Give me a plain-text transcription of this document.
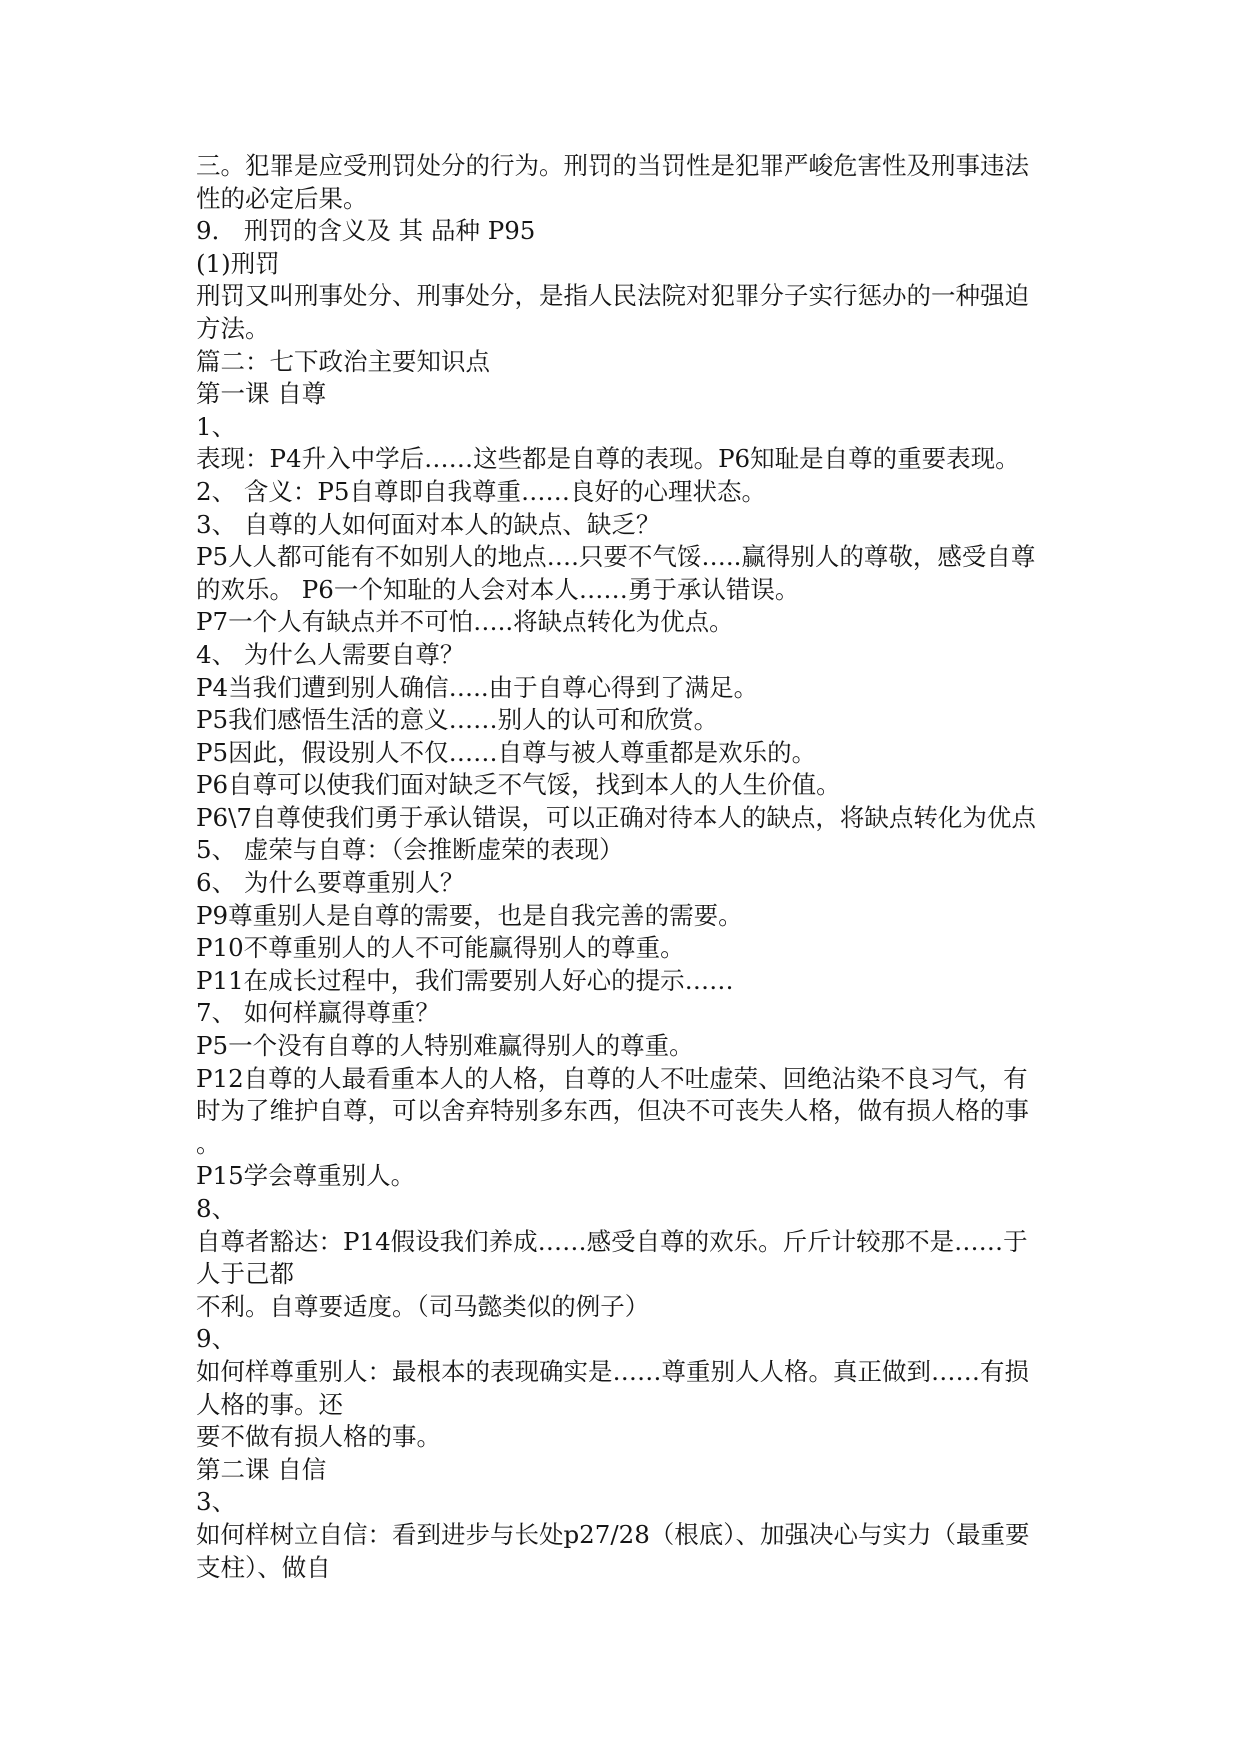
三。犯罪是应受刑罚处分的行为。刑罚的当罚性是犯罪严峻危害性及刑事违法
性的必定后果。
9． 刑罚的含义及 其 品种 P95
(1)刑罚
刑罚又叫刑事处分、刑事处分，是指人民法院对犯罪分子实行惩办的一种强迫
方法。
篇二：七下政治主要知识点
第一课 自尊
1、
表现：P4升入中学后……这些都是自尊的表现。P6知耻是自尊的重要表现。
2、 含义：P5自尊即自我尊重……良好的心理状态。
3、 自尊的人如何面对本人的缺点、缺乏？
P5人人都可能有不如别人的地点….只要不气馁…..赢得别人的尊敬，感受自尊
的欢乐。 P6一个知耻的人会对本人……勇于承认错误。
P7一个人有缺点并不可怕…..将缺点转化为优点。
4、 为什么人需要自尊？
P4当我们遭到别人确信…..由于自尊心得到了满足。
P5我们感悟生活的意义……别人的认可和欣赏。
P5因此，假设别人不仅……自尊与被人尊重都是欢乐的。
P6自尊可以使我们面对缺乏不气馁，找到本人的人生价值。
P6\7自尊使我们勇于承认错误，可以正确对待本人的缺点，将缺点转化为优点
5、 虚荣与自尊：（会推断虚荣的表现）
6、 为什么要尊重别人？
P9尊重别人是自尊的需要，也是自我完善的需要。
P10不尊重别人的人不可能赢得别人的尊重。
P11在成长过程中，我们需要别人好心的提示……
7、 如何样赢得尊重？
P5一个没有自尊的人特别难赢得别人的尊重。
P12自尊的人最看重本人的人格，自尊的人不吐虚荣、回绝沾染不良习气，有
时为了维护自尊，可以舍弃特别多东西，但决不可丧失人格，做有损人格的事
。
P15学会尊重别人。
8、
自尊者豁达：P14假设我们养成……感受自尊的欢乐。斤斤计较那不是……于
人于己都
不利。自尊要适度。（司马懿类似的例子）
9、
如何样尊重别人：最根本的表现确实是……尊重别人人格。真正做到……有损
人格的事。还
要不做有损人格的事。
第二课 自信
3、
如何样树立自信：看到进步与长处p27/28（根底）、加强决心与实力（最重要
支柱）、做自
